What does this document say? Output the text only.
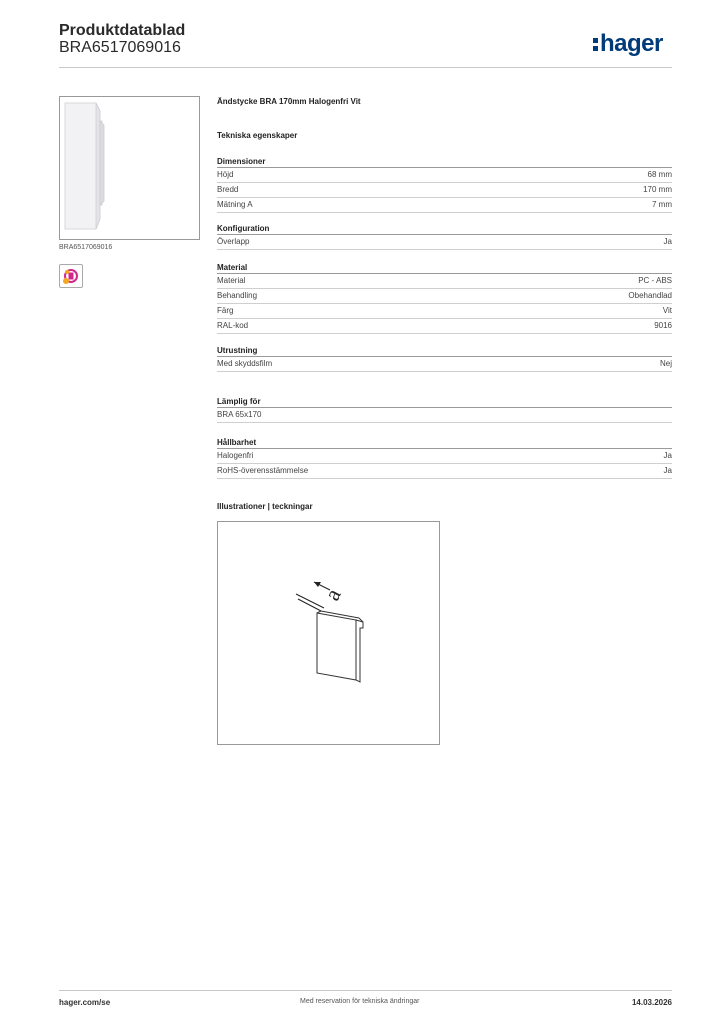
Produktdatablad
BRA6517069016	hager
BRA6517069016
Ändstycke BRA 170mm Halogenfri Vit
Tekniska egenskaper
Dimensioner
Höjd	68 mm
Bredd	170 mm
Mätning A	7 mm
Konfiguration
Överlapp	Ja
Material
Material	PC - ABS
Behandling	Obehandlad
Färg	Vit
RAL-kod	9016
Utrustning
Med skyddsfilm	Nej
Lämplig för
BRA 65x170
Hållbarhet
Halogenfri	Ja
RoHS-överensstämmelse	Ja
Illustrationer | teckningar
a
hager.com/se	Med reservation för tekniska ändringar	14.03.2026
